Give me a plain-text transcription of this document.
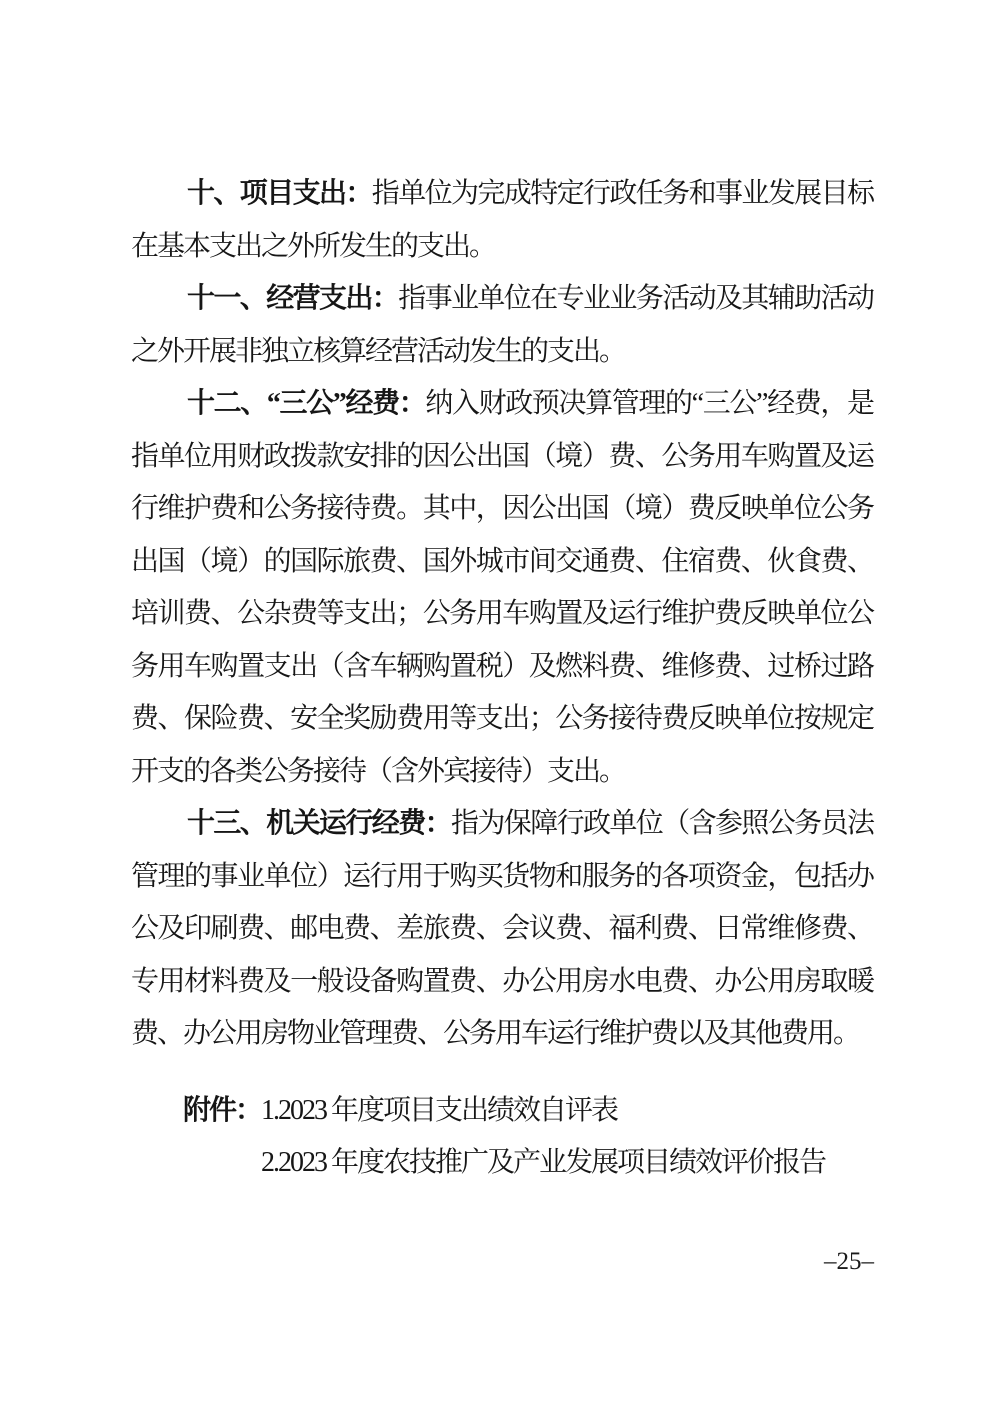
十、项目支出：指单位为完成特定行政任务和事业发展目标在基本支出之外所发生的支出。

十一、经营支出：指事业单位在专业业务活动及其辅助活动之外开展非独立核算经营活动发生的支出。

十二、“三公”经费：纳入财政预决算管理的“三公”经费，是指单位用财政拨款安排的因公出国（境）费、公务用车购置及运行维护费和公务接待费。其中，因公出国（境）费反映单位公务出国（境）的国际旅费、国外城市间交通费、住宿费、伙食费、培训费、公杂费等支出；公务用车购置及运行维护费反映单位公务用车购置支出（含车辆购置税）及燃料费、维修费、过桥过路费、保险费、安全奖励费用等支出；公务接待费反映单位按规定开支的各类公务接待（含外宾接待）支出。

十三、机关运行经费：指为保障行政单位（含参照公务员法管理的事业单位）运行用于购买货物和服务的各项资金，包括办公及印刷费、邮电费、差旅费、会议费、福利费、日常维修费、专用材料费及一般设备购置费、办公用房水电费、办公用房取暖费、办公用房物业管理费、公务用车运行维护费以及其他费用。

附件：1.2023 年度项目支出绩效自评表
2.2023 年度农技推广及产业发展项目绩效评价报告
–25–
